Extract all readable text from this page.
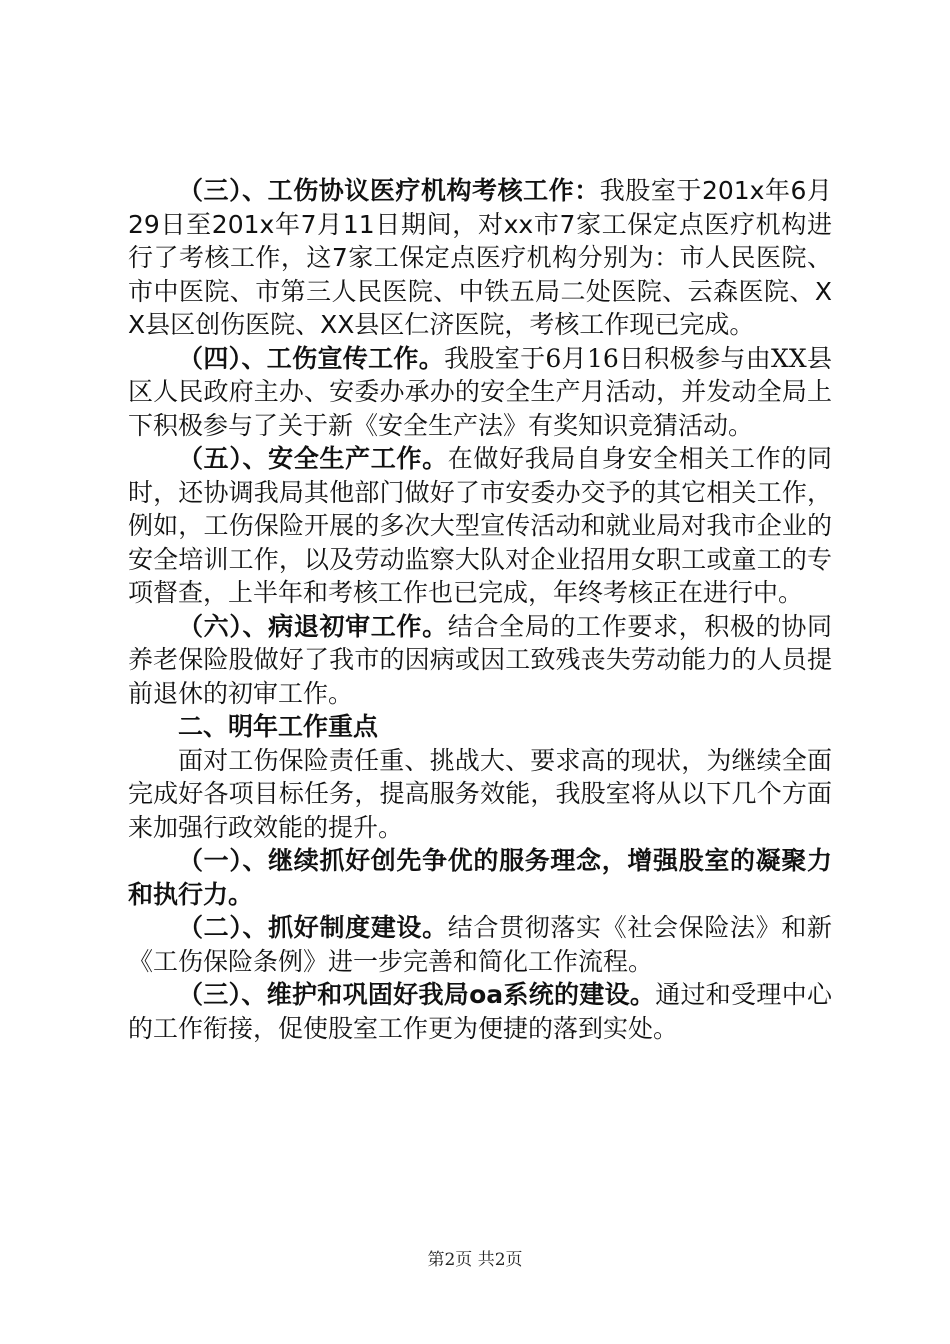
（三）、工伤协议医疗机构考核工作：我股室于201x年6月29日至201x年7月11日期间，对xx市7家工保定点医疗机构进行了考核工作，这7家工保定点医疗机构分别为：市人民医院、市中医院、市第三人民医院、中铁五局二处医院、云森医院、XX县区创伤医院、XX县区仁济医院，考核工作现已完成。

（四）、工伤宣传工作。我股室于6月16日积极参与由XX县区人民政府主办、安委办承办的安全生产月活动，并发动全局上下积极参与了关于新《安全生产法》有奖知识竞猜活动。

（五）、安全生产工作。在做好我局自身安全相关工作的同时，还协调我局其他部门做好了市安委办交予的其它相关工作，例如，工伤保险开展的多次大型宣传活动和就业局对我市企业的安全培训工作，以及劳动监察大队对企业招用女职工或童工的专项督查，上半年和考核工作也已完成，年终考核正在进行中。

（六）、病退初审工作。结合全局的工作要求，积极的协同养老保险股做好了我市的因病或因工致残丧失劳动能力的人员提前退休的初审工作。

二、明年工作重点

面对工伤保险责任重、挑战大、要求高的现状，为继续全面完成好各项目标任务，提高服务效能，我股室将从以下几个方面来加强行政效能的提升。

（一）、继续抓好创先争优的服务理念，增强股室的凝聚力和执行力。

（二）、抓好制度建设。结合贯彻落实《社会保险法》和新《工伤保险条例》进一步完善和简化工作流程。

（三）、维护和巩固好我局oa系统的建设。通过和受理中心的工作衔接，促使股室工作更为便捷的落到实处。

第2页 共2页
